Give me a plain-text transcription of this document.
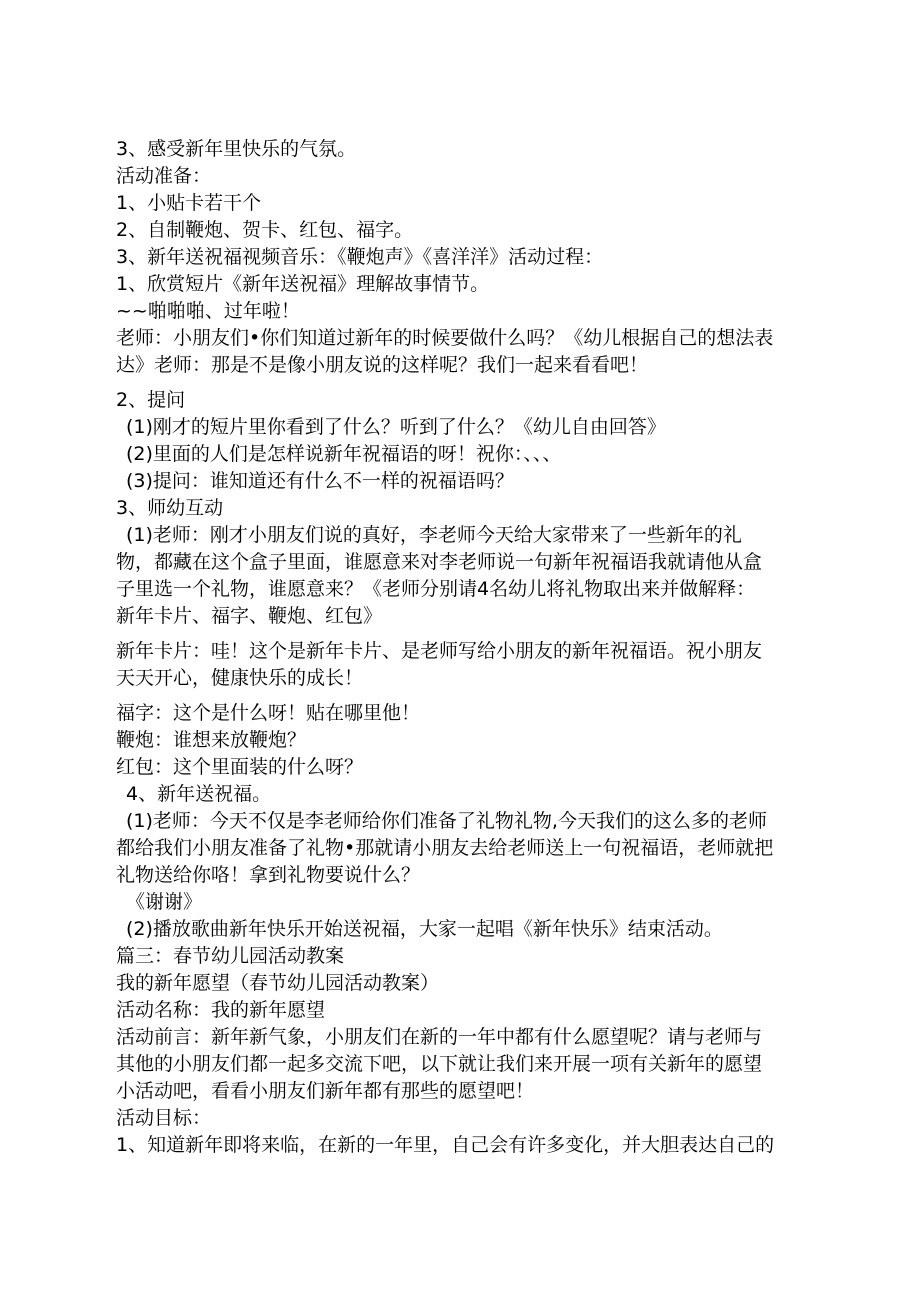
3、感受新年里快乐的气氛。
活动准备：
1、小贴卡若干个
2、自制鞭炮、贺卡、红包、福字。
3、新年送祝福视频音乐：《鞭炮声》《喜洋洋》活动过程：
1、欣赏短片《新年送祝福》理解故事情节。
~~啪啪啪、过年啦！
老师：小朋友们•你们知道过新年的时候要做什么吗？《幼儿根据自己的想法表
达》老师：那是不是像小朋友说的这样呢？我们一起来看看吧！
2、提问
(1)刚才的短片里你看到了什么？听到了什么？《幼儿自由回答》
(2)里面的人们是怎样说新年祝福语的呀！祝你：、、、
(3)提问：谁知道还有什么不一样的祝福语吗？
3、师幼互动
(1)老师：刚才小朋友们说的真好，李老师今天给大家带来了一些新年的礼
物，都藏在这个盒子里面，谁愿意来对李老师说一句新年祝福语我就请他从盒
子里选一个礼物，谁愿意来？《老师分别请4名幼儿将礼物取出来并做解释：
新年卡片、福字、鞭炮、红包》
新年卡片：哇！这个是新年卡片、是老师写给小朋友的新年祝福语。祝小朋友
天天开心，健康快乐的成长！
福字：这个是什么呀！贴在哪里他！
鞭炮：谁想来放鞭炮？
红包：这个里面装的什么呀？
4、新年送祝福。
(1)老师：今天不仅是李老师给你们准备了礼物礼物,今天我们的这么多的老师
都给我们小朋友准备了礼物•那就请小朋友去给老师送上一句祝福语，老师就把
礼物送给你咯！拿到礼物要说什么？
《谢谢》
(2)播放歌曲新年快乐开始送祝福，大家一起唱《新年快乐》结束活动。
篇三：春节幼儿园活动教案
我的新年愿望（春节幼儿园活动教案）
活动名称：我的新年愿望
活动前言：新年新气象，小朋友们在新的一年中都有什么愿望呢？请与老师与
其他的小朋友们都一起多交流下吧，以下就让我们来开展一项有关新年的愿望
小活动吧，看看小朋友们新年都有那些的愿望吧！
活动目标：
1、知道新年即将来临，在新的一年里，自己会有许多变化，并大胆表达自己的
